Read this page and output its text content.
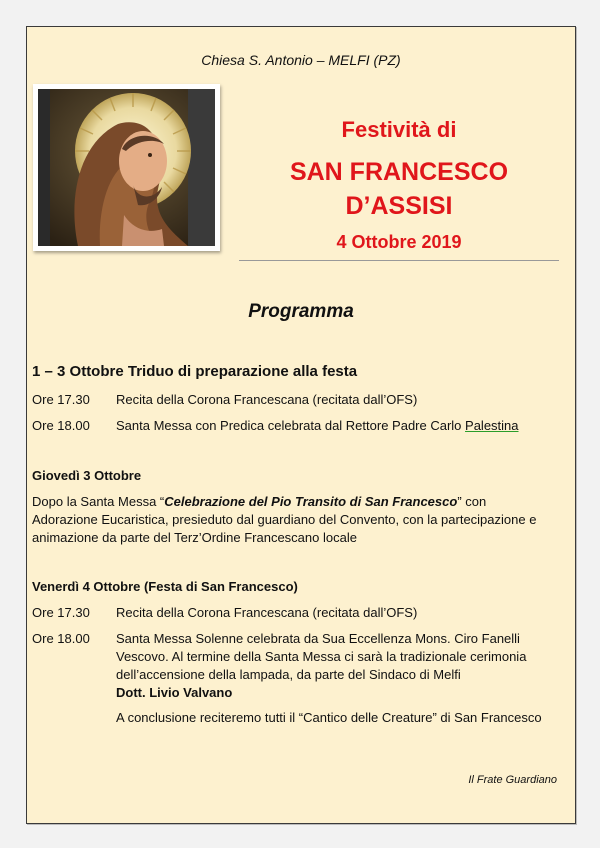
Chiesa S. Antonio – MELFI (PZ)
Festività di
SAN FRANCESCO
D’ASSISI
4 Ottobre 2019
Programma
1 – 3 Ottobre Triduo di preparazione alla festa
Ore 17.30 Recita della Corona Francescana (recitata dall’OFS)
Ore 18.00 Santa Messa con Predica celebrata dal Rettore Padre Carlo Palestina
Giovedì 3 Ottobre
Dopo la Santa Messa “Celebrazione del Pio Transito di San Francesco” con Adorazione Eucaristica, presieduto dal guardiano del Convento, con la partecipazione e animazione da parte del Terz’Ordine Francescano locale
Venerdì 4 Ottobre (Festa di San Francesco)
Ore 17.30 Recita della Corona Francescana (recitata dall’OFS)
Ore 18.00 Santa Messa Solenne celebrata da Sua Eccellenza Mons. Ciro Fanelli Vescovo. Al termine della Santa Messa ci sarà la tradizionale cerimonia dell’accensione della lampada, da parte del Sindaco di Melfi
Dott. Livio Valvano
A conclusione reciteremo tutti il “Cantico delle Creature” di San Francesco
Il Frate Guardiano
